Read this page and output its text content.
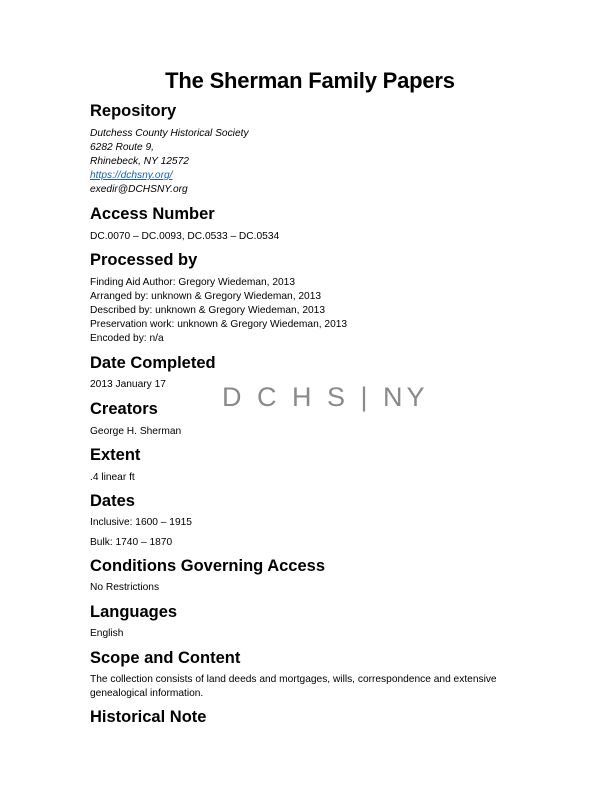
The Sherman Family Papers
Repository

Dutchess County Historical Society

6282 Route 9,

Rhinebeck, NY 12572

https://dchsny.org/

exedir@DCHSNY.org

Access Number

DC.0070 – DC.0093, DC.0533 – DC.0534

Processed by

Finding Aid Author: Gregory Wiedeman, 2013

Arranged by: unknown & Gregory Wiedeman, 2013

Described by: unknown & Gregory Wiedeman, 2013

Preservation work: unknown & Gregory Wiedeman, 2013

Encoded by: n/a

Date Completed

2013 January 17

Creators

George H. Sherman

Extent

.4 linear ft

Dates

Inclusive: 1600 – 1915

Bulk: 1740 – 1870

Conditions Governing Access

No Restrictions

Languages

English

Scope and Content

The collection consists of land deeds and mortgages, wills, correspondence and extensive

genealogical information.

Historical Note
D C H S | NY
